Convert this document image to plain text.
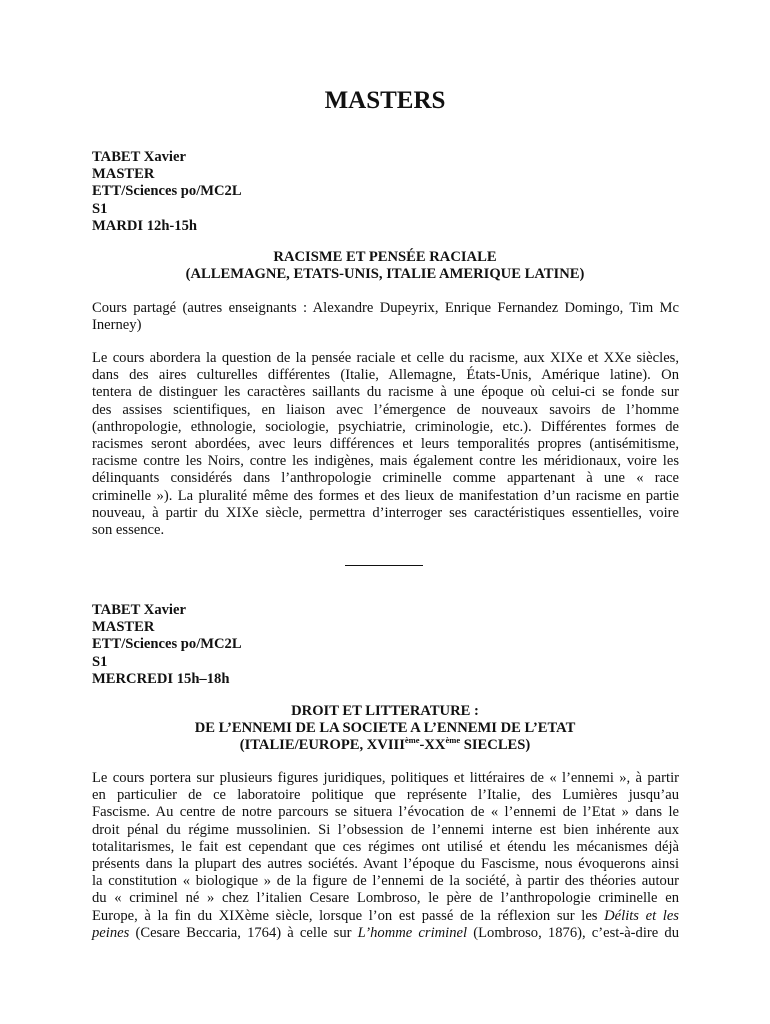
MASTERS
TABET Xavier
MASTER
ETT/Sciences po/MC2L
S1
MARDI 12h-15h
RACISME ET PENSÉE RACIALE
(ALLEMAGNE, ETATS-UNIS, ITALIE AMERIQUE LATINE)
Cours partagé (autres enseignants : Alexandre Dupeyrix, Enrique Fernandez Domingo, Tim Mc
Inerney)
Le cours abordera la question de la pensée raciale et celle du racisme, aux XIXe et XXe siècles,
dans des aires culturelles différentes (Italie, Allemagne, États-Unis, Amérique latine). On
tentera de distinguer les caractères saillants du racisme à une époque où celui-ci se fonde sur
des assises scientifiques, en liaison avec l’émergence de nouveaux savoirs de l’homme
(anthropologie, ethnologie, sociologie, psychiatrie, criminologie, etc.). Différentes formes de
racismes seront abordées, avec leurs différences et leurs temporalités propres (antisémitisme,
racisme contre les Noirs, contre les indigènes, mais également contre les méridionaux, voire les
délinquants considérés dans l’anthropologie criminelle comme appartenant à une « race
criminelle »). La pluralité même des formes et des lieux de manifestation d’un racisme en partie
nouveau, à partir du XIXe siècle, permettra d’interroger ses caractéristiques essentielles, voire
son essence.
TABET Xavier
MASTER
ETT/Sciences po/MC2L
S1
MERCREDI 15h–18h
DROIT ET LITTERATURE :
DE L’ENNEMI DE LA SOCIETE A L’ENNEMI DE L’ETAT
(ITALIE/EUROPE, XVIIIème-XXème SIECLES)
Le cours portera sur plusieurs figures juridiques, politiques et littéraires de « l’ennemi », à partir
en particulier de ce laboratoire politique que représente l’Italie, des Lumières jusqu’au
Fascisme. Au centre de notre parcours se situera l’évocation de « l’ennemi de l’Etat » dans le
droit pénal du régime mussolinien. Si l’obsession de l’ennemi interne est bien inhérente aux
totalitarismes, le fait est cependant que ces régimes ont utilisé et étendu les mécanismes déjà
présents dans la plupart des autres sociétés. Avant l’époque du Fascisme, nous évoquerons ainsi
la constitution « biologique » de la figure de l’ennemi de la société, à partir des théories autour
du « criminel né » chez l’italien Cesare Lombroso, le père de l’anthropologie criminelle en
Europe, à la fin du XIXème siècle, lorsque l’on est passé de la réflexion sur les Délits et les
peines (Cesare Beccaria, 1764) à celle sur L’homme criminel (Lombroso, 1876), c’est-à-dire du
